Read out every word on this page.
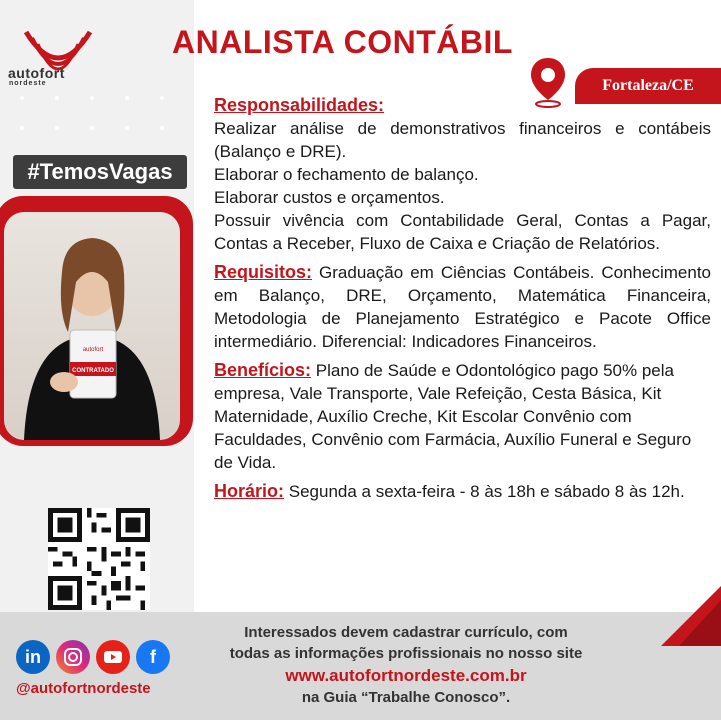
autofort
nordeste
#TemosVagas
autofort
CONTRATADO
ANALISTA CONTÁBIL
Fortaleza/CE
Responsabilidades:
Realizar análise de demonstrativos financeiros e contábeis (Balanço e DRE).
Elaborar o fechamento de balanço.
Elaborar custos e orçamentos.
Possuir vivência com Contabilidade Geral, Contas a Pagar, Contas a Receber, Fluxo de Caixa e Criação de Relatórios.
Requisitos: Graduação em Ciências Contábeis. Conhecimento em Balanço, DRE, Orçamento, Matemática Financeira, Metodologia de Planejamento Estratégico e Pacote Office intermediário. Diferencial: Indicadores Financeiros.
Benefícios: Plano de Saúde e Odontológico pago 50% pela empresa, Vale Transporte, Vale Refeição, Cesta Básica, Kit Maternidade, Auxílio Creche, Kit Escolar Convênio com Faculdades, Convênio com Farmácia, Auxílio Funeral e Seguro de Vida.
Horário: Segunda a sexta-feira - 8 às 18h e sábado 8 às 12h.
in	f
@autofortnordeste
Interessados devem cadastrar currículo, com
todas as informações profissionais no nosso site
www.autofortnordeste.com.br
na Guia “Trabalhe Conosco”.
